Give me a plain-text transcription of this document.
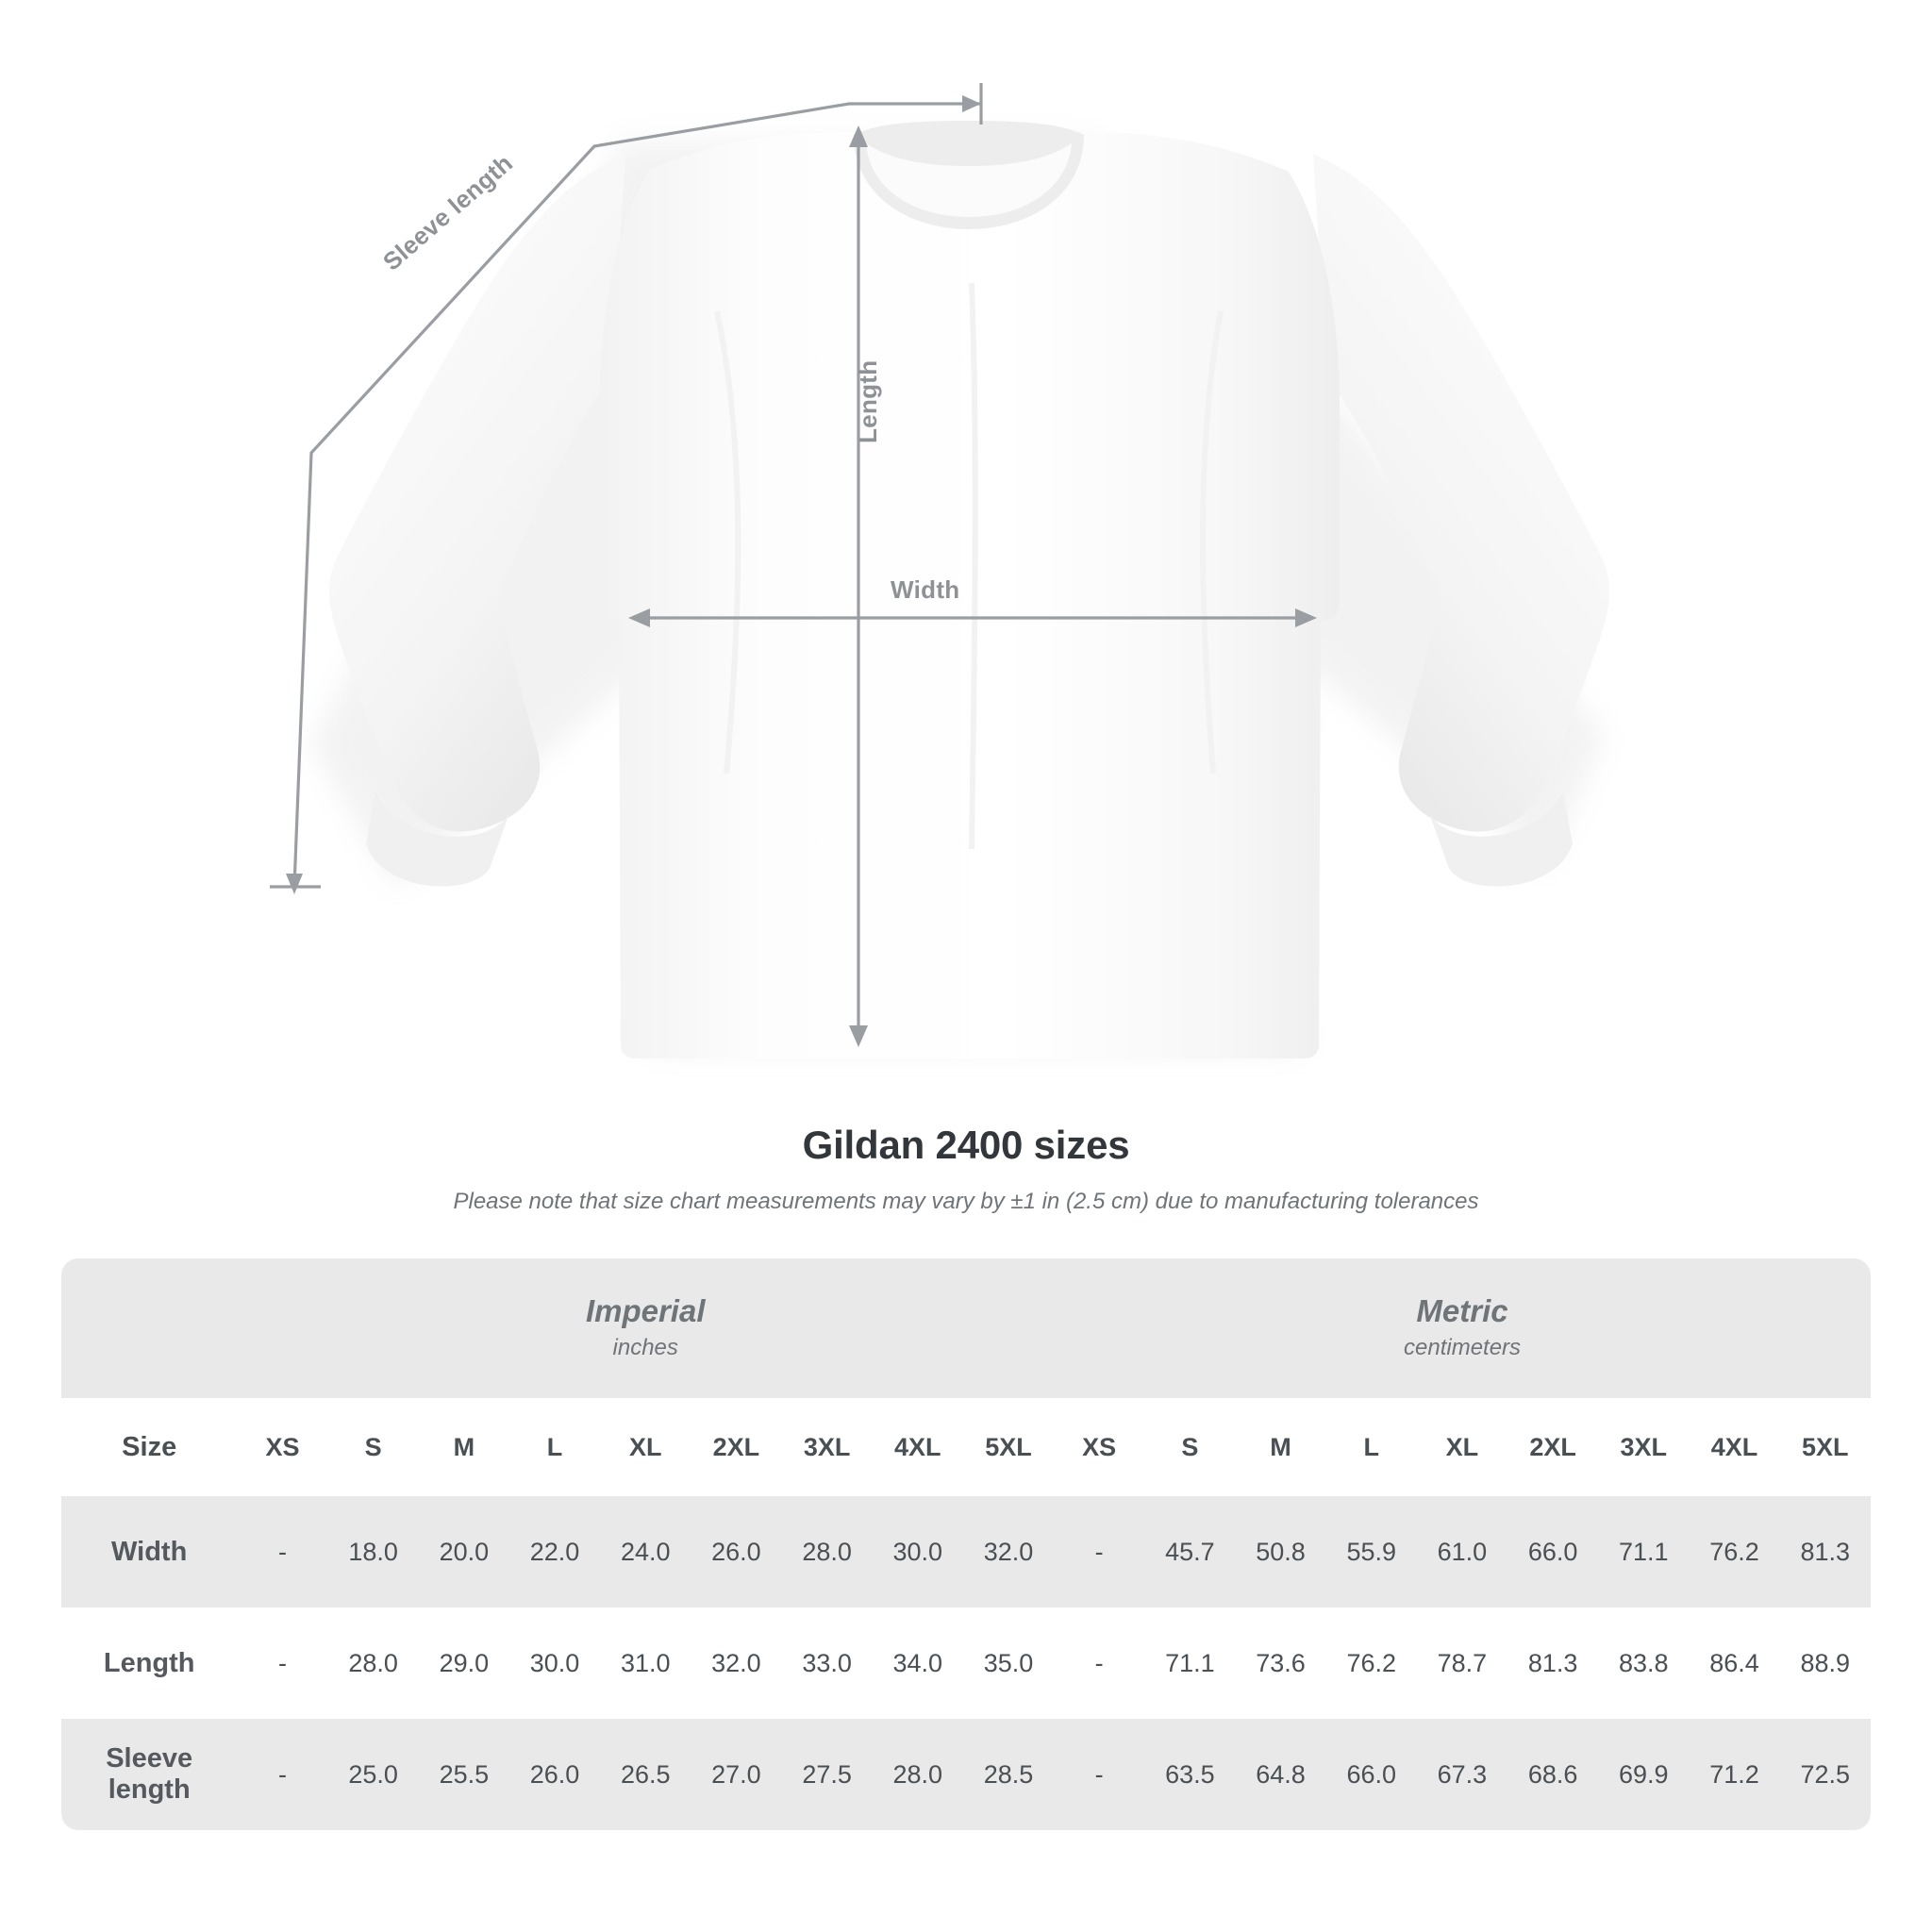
Sleeve length
Length
Width
Gildan 2400 sizes
Please note that size chart measurements may vary by ±1 in (2.5 cm) due to manufacturing tolerances

Imperial
inches

Metric
centimeters

Size	XS	S	M	L	XL	2XL	3XL	4XL	5XL	XS	S	M	L	XL	2XL	3XL	4XL	5XL
Width	-	18.0	20.0	22.0	24.0	26.0	28.0	30.0	32.0	-	45.7	50.8	55.9	61.0	66.0	71.1	76.2	81.3
Length	-	28.0	29.0	30.0	31.0	32.0	33.0	34.0	35.0	-	71.1	73.6	76.2	78.7	81.3	83.8	86.4	88.9
Sleeve length	-	25.0	25.5	26.0	26.5	27.0	27.5	28.0	28.5	-	63.5	64.8	66.0	67.3	68.6	69.9	71.2	72.5
